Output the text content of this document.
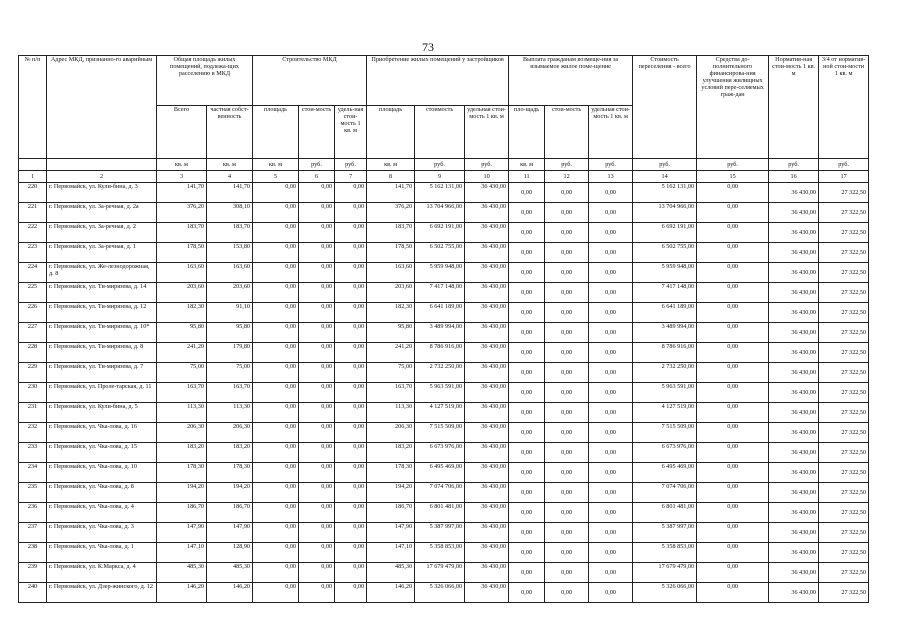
73
№ п/п	Адрес МКД, признанно-го аварийным	Общая площадь жилых помещений, подлежа-щих расселению в МКД		Строительство МКД			Приобретение жилых помещений у застройщиков			Выплата гражданам возмеще-ния за изымаемое жилое поме-щение			Стоимость переселения - всего	Средства до-полнительного финансирова-ния улучшения жилищных условий пере-селяемых граж-дан	Норматив-ная стои-мость 1 кв. м	3/4 от норматив-ной стои-мости 1 кв. м
		Всего	частная собст-венность	площадь	стои-мость	удель-ная стои-мость 1 кв. м	площадь	стоимость	удельная стои-мость 1 кв. м	пло-щадь	стои-мость	удельная стои-мость 1 кв. м				
		кв. м	кв. м	кв. м	руб.	руб.	кв. м	руб.	руб.	кв. м	руб.	руб.	руб.	руб.	руб.	руб.
1	2	3	4	5	6	7	8	9	10	11	12	13	14	15	16	17
220	г. Первомайск, ул. Кули-бина, д. 3	141,70	141,70	0,00	0,00	0,00	141,70	5 162 131,00	36 430,00	0,00	0,00	0,00	5 162 131,00	0,00	36 430,00	27 322,50
221	г. Первомайск, ул. За-речная, д. 2а	376,20	308,10	0,00	0,00	0,00	376,20	13 704 966,00	36 430,00	0,00	0,00	0,00	13 704 966,00	0,00	36 430,00	27 322,50
222	г. Первомайск, ул. За-речная, д. 2	183,70	183,70	0,00	0,00	0,00	183,70	6 692 191,00	36 430,00	0,00	0,00	0,00	6 692 191,00	0,00	36 430,00	27 322,50
223	г. Первомайск, ул. За-речная, д. 1	178,50	153,80	0,00	0,00	0,00	178,50	6 502 755,00	36 430,00	0,00	0,00	0,00	6 502 755,00	0,00	36 430,00	27 322,50
224	г. Первомайск, ул. Же-лезнодорожная, д. 8	163,60	163,60	0,00	0,00	0,00	163,60	5 959 948,00	36 430,00	0,00	0,00	0,00	5 959 948,00	0,00	36 430,00	27 322,50
225	г. Первомайск, ул. Ти-мирязева, д. 14	203,60	203,60	0,00	0,00	0,00	203,60	7 417 148,00	36 430,00	0,00	0,00	0,00	7 417 148,00	0,00	36 430,00	27 322,50
226	г. Первомайск, ул. Ти-мирязева, д. 12	182,30	91,10	0,00	0,00	0,00	182,30	6 641 189,00	36 430,00	0,00	0,00	0,00	6 641 189,00	0,00	36 430,00	27 322,50
227	г. Первомайск, ул. Ти-мирязева, д. 10*	95,80	95,80	0,00	0,00	0,00	95,80	3 489 994,00	36 430,00	0,00	0,00	0,00	3 489 994,00	0,00	36 430,00	27 322,50
228	г. Первомайск, ул. Ти-мирязева, д. 8	241,20	179,80	0,00	0,00	0,00	241,20	8 786 916,00	36 430,00	0,00	0,00	0,00	8 786 916,00	0,00	36 430,00	27 322,50
229	г. Первомайск, ул. Ти-мирязева, д. 7	75,00	75,00	0,00	0,00	0,00	75,00	2 732 250,00	36 430,00	0,00	0,00	0,00	2 732 250,00	0,00	36 430,00	27 322,50
230	г. Первомайск, ул. Проле-тарская, д. 11	163,70	163,70	0,00	0,00	0,00	163,70	5 963 591,00	36 430,00	0,00	0,00	0,00	5 963 591,00	0,00	36 430,00	27 322,50
231	г. Первомайск, ул. Кули-бина, д. 5	113,30	113,30	0,00	0,00	0,00	113,30	4 127 519,00	36 430,00	0,00	0,00	0,00	4 127 519,00	0,00	36 430,00	27 322,50
232	г. Первомайск, ул. Чка-лова, д. 16	206,30	206,30	0,00	0,00	0,00	206,30	7 515 509,00	36 430,00	0,00	0,00	0,00	7 515 509,00	0,00	36 430,00	27 322,50
233	г. Первомайск, ул. Чка-лова, д. 15	183,20	183,20	0,00	0,00	0,00	183,20	6 673 976,00	36 430,00	0,00	0,00	0,00	6 673 976,00	0,00	36 430,00	27 322,50
234	г. Первомайск, ул. Чка-лова, д. 10	178,30	178,30	0,00	0,00	0,00	178,30	6 495 469,00	36 430,00	0,00	0,00	0,00	6 495 469,00	0,00	36 430,00	27 322,50
235	г. Первомайск, ул. Чка-лова, д. 8	194,20	194,20	0,00	0,00	0,00	194,20	7 074 706,00	36 430,00	0,00	0,00	0,00	7 074 706,00	0,00	36 430,00	27 322,50
236	г. Первомайск, ул. Чка-лова, д. 4	186,70	186,70	0,00	0,00	0,00	186,70	6 801 481,00	36 430,00	0,00	0,00	0,00	6 801 481,00	0,00	36 430,00	27 322,50
237	г. Первомайск, ул. Чка-лова, д. 3	147,90	147,90	0,00	0,00	0,00	147,90	5 387 997,00	36 430,00	0,00	0,00	0,00	5 387 997,00	0,00	36 430,00	27 322,50
238	г. Первомайск, ул. Чка-лова, д. 1	147,10	128,90	0,00	0,00	0,00	147,10	5 358 853,00	36 430,00	0,00	0,00	0,00	5 358 853,00	0,00	36 430,00	27 322,50
239	г. Первомайск, ул. К.Маркса, д. 4	485,30	485,30	0,00	0,00	0,00	485,30	17 679 479,00	36 430,00	0,00	0,00	0,00	17 679 479,00	0,00	36 430,00	27 322,50
240	г. Первомайск, ул. Дзер-жинского, д. 12	146,20	146,20	0,00	0,00	0,00	146,20	5 326 066,00	36 430,00	0,00	0,00	0,00	5 326 066,00	0,00	36 430,00	27 322,50
